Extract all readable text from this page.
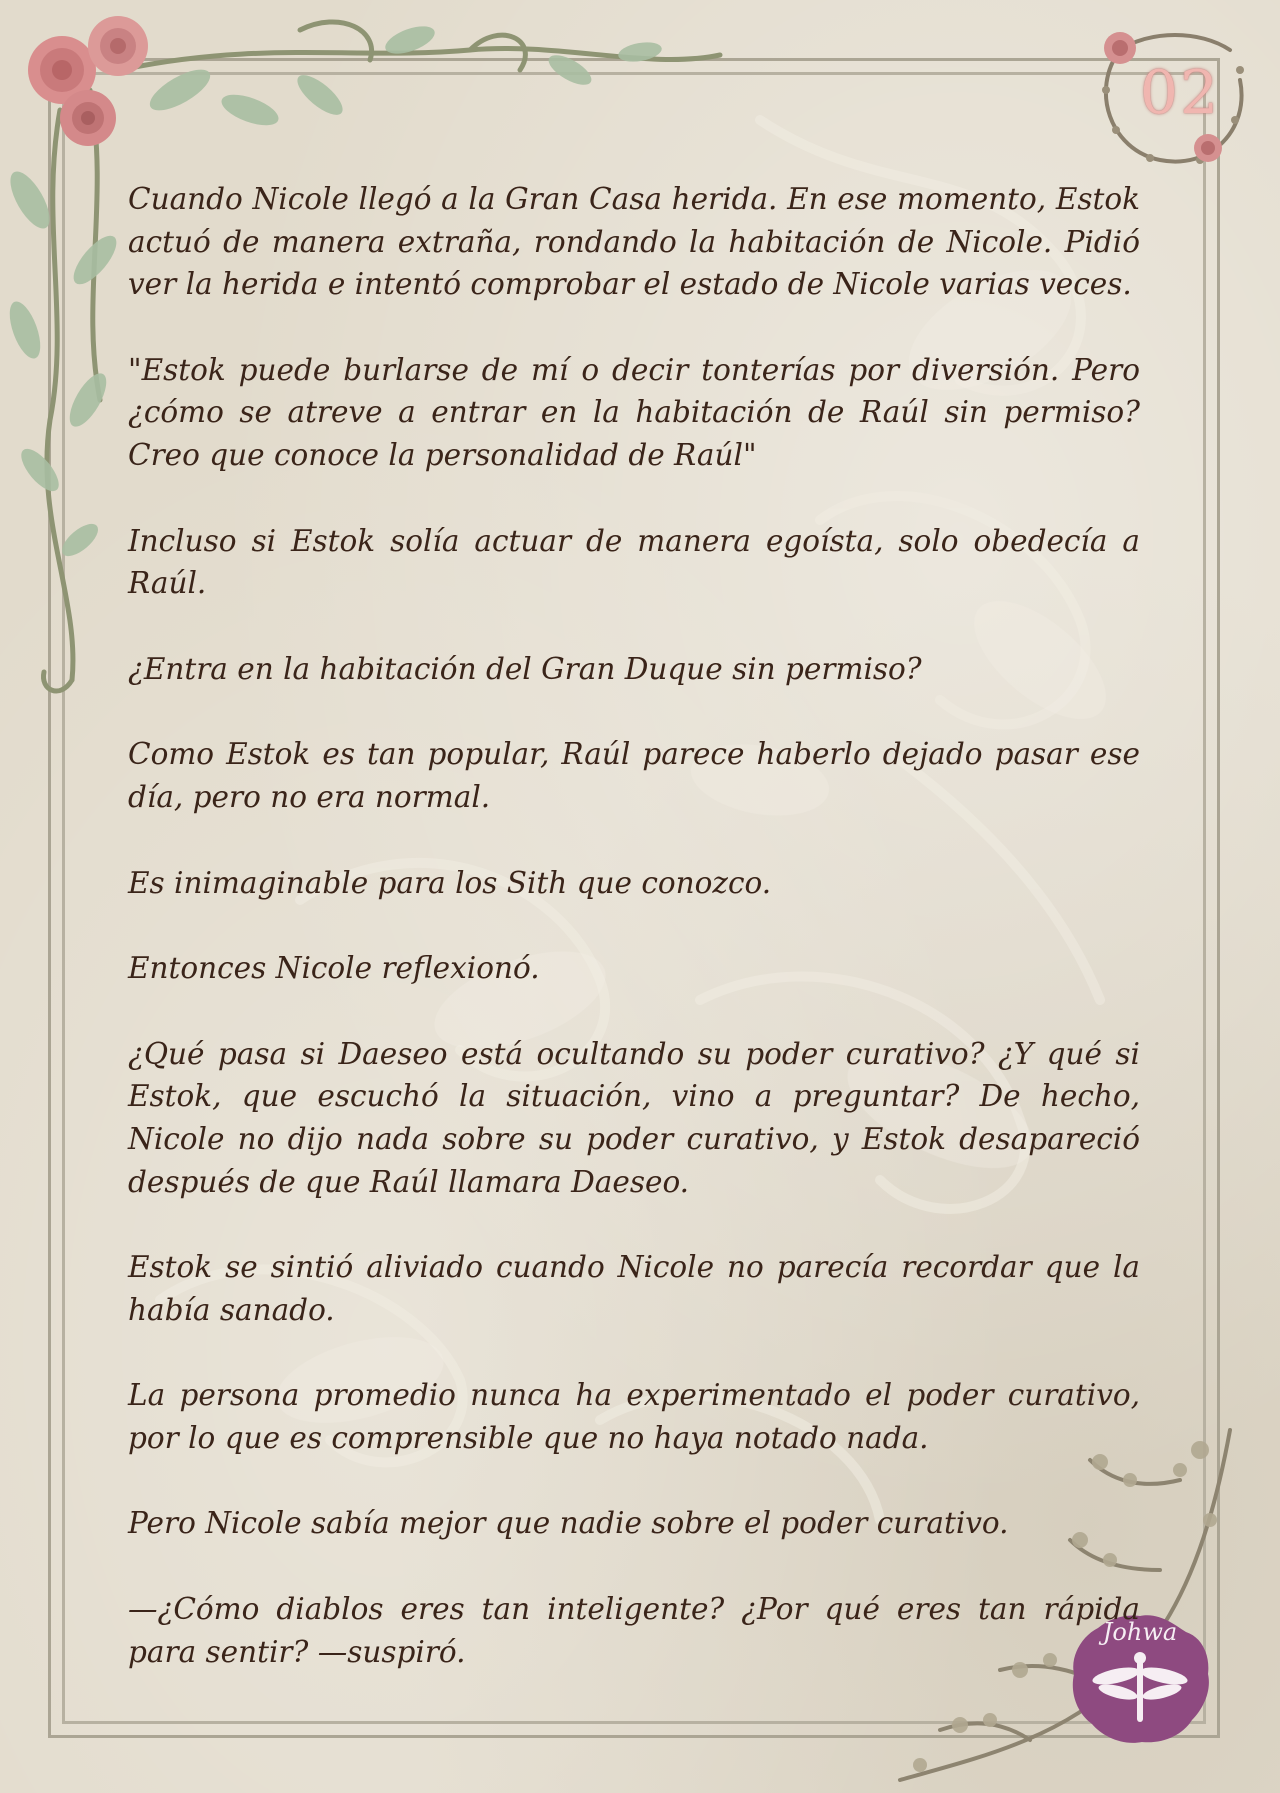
02
Johwa

Cuando Nicole llegó a la Gran Casa herida. En ese momento, Estok actuó de manera extraña, rondando la habitación de Nicole. Pidió ver la herida e intentó comprobar el estado de Nicole varias veces.

"Estok puede burlarse de mí o decir tonterías por diversión. Pero ¿cómo se atreve a entrar en la habitación de Raúl sin permiso? Creo que conoce la personalidad de Raúl"

Incluso si Estok solía actuar de manera egoísta, solo obedecía a Raúl.

¿Entra en la habitación del Gran Duque sin permiso?

Como Estok es tan popular, Raúl parece haberlo dejado pasar ese día, pero no era normal.

Es inimaginable para los Sith que conozco.

Entonces Nicole reflexionó.

¿Qué pasa si Daeseo está ocultando su poder curativo? ¿Y qué si Estok, que escuchó la situación, vino a preguntar? De hecho, Nicole no dijo nada sobre su poder curativo, y Estok desapareció después de que Raúl llamara Daeseo.

Estok se sintió aliviado cuando Nicole no parecía recordar que la había sanado.

La persona promedio nunca ha experimentado el poder curativo, por lo que es comprensible que no haya notado nada.

Pero Nicole sabía mejor que nadie sobre el poder curativo.

—¿Cómo diablos eres tan inteligente? ¿Por qué eres tan rápida para sentir? —suspiró.
